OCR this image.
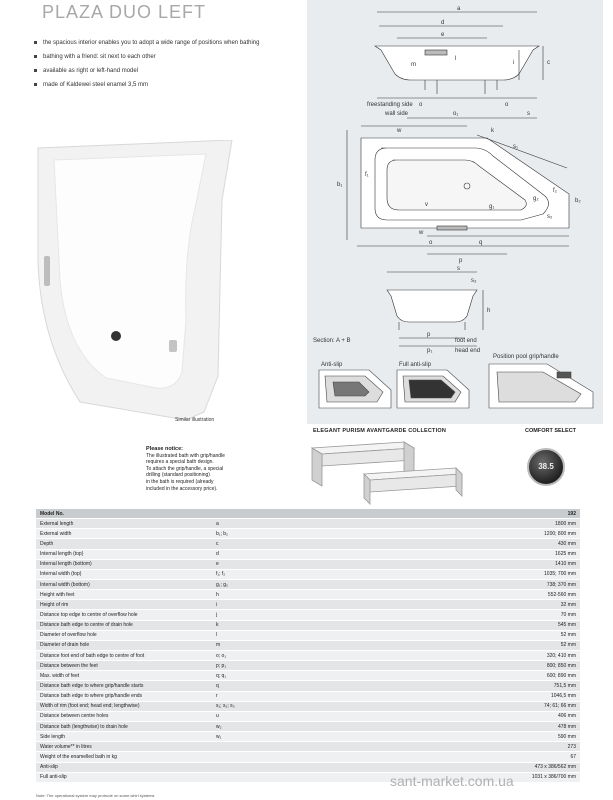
PLAZA DUO LEFT
the spacious interior enables you to adopt a wide range of positions when bathing
bathing with a friend: sit next to each other
available as right or left-hand model
made of Kaldewei steel enamel 3,5 mm
a
d
e
c
l
i
m
freestanding side
wall side
o
o₁
o
s
w	k
s₁
b₁
f₁
b₂
f₂
g₂
g₁
s₂
v
w
q
o
p
s
s₃
h
p
p₁
Section: A + B	foot end
head end
Anti-slip	Full anti-slip
Position pool grip/handle
Similar illustration
Please notice:
The illustrated bath with grip/handle
requires a special bath design.
To attach the grip/handle, a special
drilling (standard positioning)
in the bath is required (already
included in the accessory price).
ELEGANT PURISM AVANTGARDE COLLECTION	COMFORT SELECT
38.5
Model No.		192
External length	a	1800 mm
External width	b₁; b₂	1200; 800 mm
Depth	c	430 mm
Internal length (top)	d	1625 mm
Internal length (bottom)	e	1410 mm
Internal width (top)	f₁; f₂	1035; 700 mm
Internal width (bottom)	g₁; g₂	738; 370 mm
Height with feet	h	552-560 mm
Height of rim	i	32 mm
Distance top edge to centre of overflow hole	j	70 mm
Distance bath edge to centre of drain hole	k	545 mm
Diameter of overflow hole	l	52 mm
Diameter of drain hole	m	52 mm
Distance foot end of bath edge to centre of foot	o; o₁	320; 410 mm
Distance between the feet	p; p₁	800; 850 mm
Max. width of feet	q; q₁	600; 890 mm
Distance bath edge to where grip/handle starts	q	751,5 mm
Distance bath edge to where grip/handle ends	r	1046,5 mm
Width of rim (foot end; head end; lengthwise)	s₁; s₂; s₃	74; 61; 66 mm
Distance between centre holes	u	406 mm
Distance bath (lengthwise) to drain hole	w₂	478 mm
Side length	w₁	590 mm
Water volume** in litres		273
Weight of the enamelled bath in kg		67
Anti-slip		473 x 386/562 mm
Full anti-slip		1031 x 386/700 mm
Note: The operational system may protrude on some whirl systems
sant-market.com.ua
